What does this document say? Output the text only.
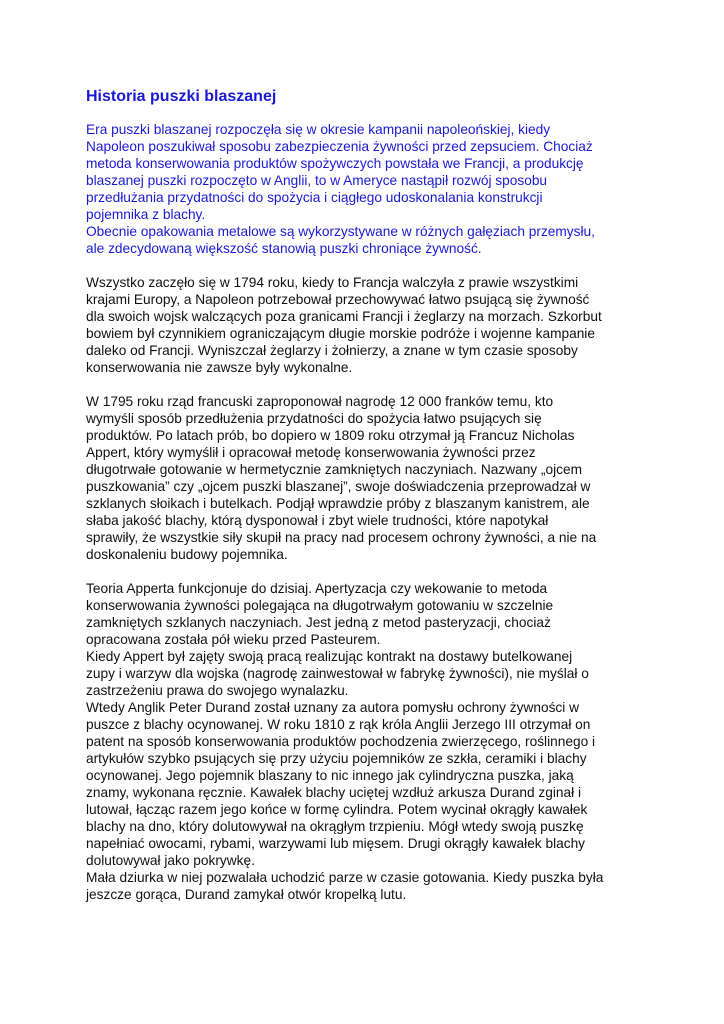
Historia puszki blaszanej
Era puszki blaszanej rozpoczęła się w okresie kampanii napoleońskiej, kiedy
Napoleon poszukiwał sposobu zabezpieczenia żywności przed zepsuciem. Chociaż
metoda konserwowania produktów spożywczych powstała we Francji, a produkcję
blaszanej puszki rozpoczęto w Anglii, to w Ameryce nastąpił rozwój sposobu
przedłużania przydatności do spożycia i ciągłego udoskonalania konstrukcji
pojemnika z blachy.
Obecnie opakowania metalowe są wykorzystywane w różnych gałęziach przemysłu,
ale zdecydowaną większość stanowią puszki chroniące żywność.
Wszystko zaczęło się w 1794 roku, kiedy to Francja walczyła z prawie wszystkimi
krajami Europy, a Napoleon potrzebował przechowywać łatwo psującą się żywność
dla swoich wojsk walczących poza granicami Francji i żeglarzy na morzach. Szkorbut
bowiem był czynnikiem ograniczającym długie morskie podróże i wojenne kampanie
daleko od Francji. Wyniszczał żeglarzy i żołnierzy, a znane w tym czasie sposoby
konserwowania nie zawsze były wykonalne.
W 1795 roku rząd francuski zaproponował nagrodę 12 000 franków temu, kto
wymyśli sposób przedłużenia przydatności do spożycia łatwo psujących się
produktów. Po latach prób, bo dopiero w 1809 roku otrzymał ją Francuz Nicholas
Appert, który wymyślił i opracował metodę konserwowania żywności przez
długotrwałe gotowanie w hermetycznie zamkniętych naczyniach. Nazwany „ojcem
puszkowania” czy „ojcem puszki blaszanej”, swoje doświadczenia przeprowadzał w
szklanych słoikach i butelkach. Podjął wprawdzie próby z blaszanym kanistrem, ale
słaba jakość blachy, którą dysponował i zbyt wiele trudności, które napotykał
sprawiły, że wszystkie siły skupił na pracy nad procesem ochrony żywności, a nie na
doskonaleniu budowy pojemnika.
Teoria Apperta funkcjonuje do dzisiaj. Apertyzacja czy wekowanie to metoda
konserwowania żywności polegająca na długotrwałym gotowaniu w szczelnie
zamkniętych szklanych naczyniach. Jest jedną z metod pasteryzacji, chociaż
opracowana została pół wieku przed Pasteurem.
Kiedy Appert był zajęty swoją pracą realizując kontrakt na dostawy butelkowanej
zupy i warzyw dla wojska (nagrodę zainwestował w fabrykę żywności), nie myślał o
zastrzeżeniu prawa do swojego wynalazku.
Wtedy Anglik Peter Durand został uznany za autora pomysłu ochrony żywności w
puszce z blachy ocynowanej. W roku 1810 z rąk króla Anglii Jerzego III otrzymał on
patent na sposób konserwowania produktów pochodzenia zwierzęcego, roślinnego i
artykułów szybko psujących się przy użyciu pojemników ze szkła, ceramiki i blachy
ocynowanej. Jego pojemnik blaszany to nic innego jak cylindryczna puszka, jaką
znamy, wykonana ręcznie. Kawałek blachy uciętej wzdłuż arkusza Durand zginał i
lutował, łącząc razem jego końce w formę cylindra. Potem wycinał okrągły kawałek
blachy na dno, który dolutowywał na okrągłym trzpieniu. Mógł wtedy swoją puszkę
napełniać owocami, rybami, warzywami lub mięsem. Drugi okrągły kawałek blachy
dolutowywał jako pokrywkę.
Mała dziurka w niej pozwalała uchodzić parze w czasie gotowania. Kiedy puszka była
jeszcze gorąca, Durand zamykał otwór kropelką lutu.
